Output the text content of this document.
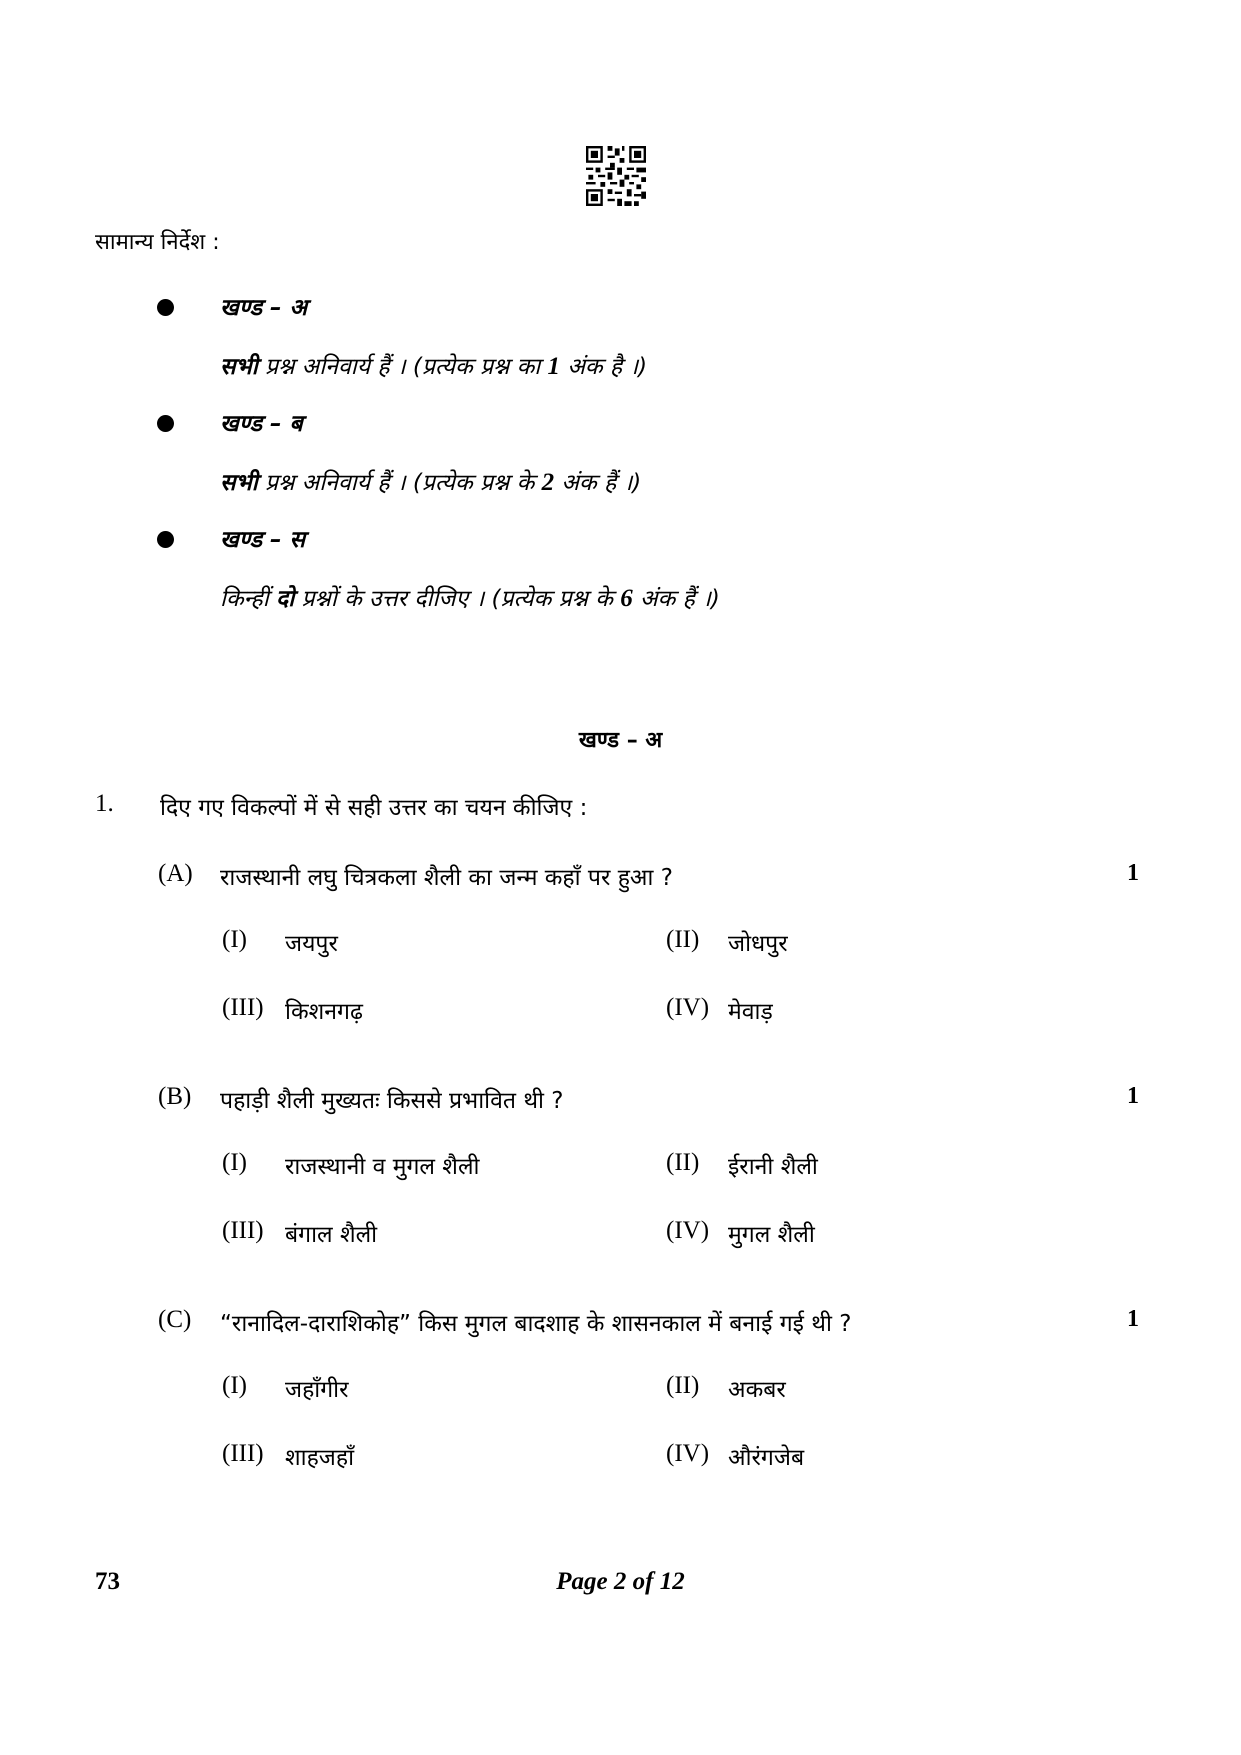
सामान्य निर्देश :
खण्ड – अ
सभी प्रश्न अनिवार्य हैं । (प्रत्येक प्रश्न का 1 अंक है ।)
खण्ड – ब
सभी प्रश्न अनिवार्य हैं । (प्रत्येक प्रश्न के 2 अंक हैं ।)
खण्ड – स
किन्हीं दो प्रश्नों के उत्तर दीजिए । (प्रत्येक प्रश्न के 6 अंक हैं ।)
खण्ड – अ
1. दिए गए विकल्पों में से सही उत्तर का चयन कीजिए :
(A) राजस्थानी लघु चित्रकला शैली का जन्म कहाँ पर हुआ ?	1
(I) जयपुर	(II) जोधपुर
(III) किशनगढ़	(IV) मेवाड़
(B) पहाड़ी शैली मुख्यतः किससे प्रभावित थी ?	1
(I) राजस्थानी व मुगल शैली	(II) ईरानी शैली
(III) बंगाल शैली	(IV) मुगल शैली
(C) “रानादिल-दाराशिकोह” किस मुगल बादशाह के शासनकाल में बनाई गई थी ?	1
(I) जहाँगीर	(II) अकबर
(III) शाहजहाँ	(IV) औरंगजेब
73	Page 2 of 12
